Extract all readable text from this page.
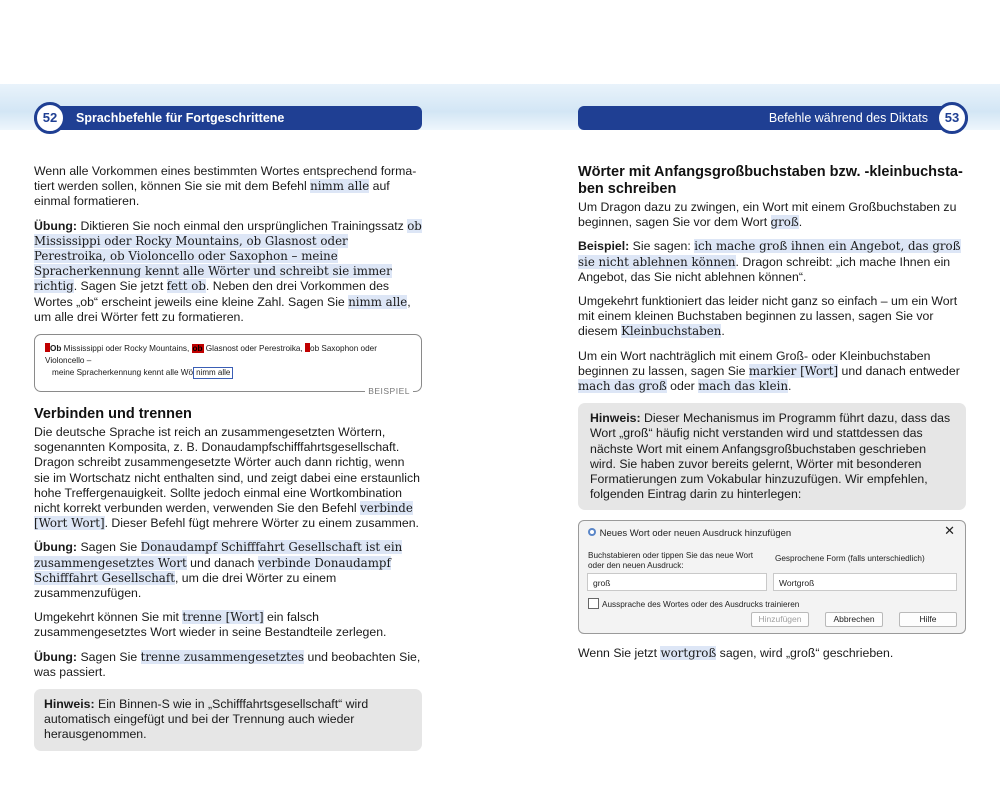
Sprachbefehle für Fortgeschrittene
52

Wenn alle Vorkommen eines bestimmten Wortes entsprechend formatiert werden sollen, können Sie sie mit dem Befehl nimm alle auf einmal formatieren.

Übung: Diktieren Sie noch einmal den ursprünglichen Trainingssatz ob Mississippi oder Rocky Mountains, ob Glasnost oder Perestroika, ob Violoncello oder Saxophon – meine Spracherkennung kennt alle Wörter und schreibt sie immer richtig. Sagen Sie jetzt fett ob. Neben den drei Vorkommen des Wortes „ob“ erscheint jeweils eine kleine Zahl. Sagen Sie nimm alle, um alle drei Wörter fett zu formatieren.

Ob Mississippi oder Rocky Mountains, ob Glasnost oder Perestroika, ob Saxophon oder Violoncello –
meine Spracherkennung kennt alle Wö nimm alle
BEISPIEL
Verbinden und trennen

Die deutsche Sprache ist reich an zusammengesetzten Wörtern, sogenannten Komposita, z. B. Donaudampfschifffahrtsgesellschaft. Dragon schreibt zusammengesetzte Wörter auch dann richtig, wenn sie im Wortschatz nicht enthalten sind, und zeigt dabei eine erstaunlich hohe Treffergenauigkeit. Sollte jedoch einmal eine Wortkombination nicht korrekt verbunden werden, verwenden Sie den Befehl verbinde [Wort Wort]. Dieser Befehl fügt mehrere Wörter zu einem zusammen.

Übung: Sagen Sie Donaudampf Schifffahrt Gesellschaft ist ein zusammengesetztes Wort und danach verbinde Donaudampf Schifffahrt Gesellschaft, um die drei Wörter zu einem zusammenzufügen.

Umgekehrt können Sie mit trenne [Wort] ein falsch zusammengesetztes Wort wieder in seine Bestandteile zerlegen.

Übung: Sagen Sie trenne zusammengesetztes und beobachten Sie, was passiert.

Hinweis: Ein Binnen-S wie in „Schifffahrtsgesellschaft“ wird automatisch eingefügt und bei der Trennung auch wieder herausgenommen.
Befehle während des Diktats	53
Wörter mit Anfangsgroßbuchstaben bzw. -kleinbuchstaben schreiben

Um Dragon dazu zu zwingen, ein Wort mit einem Großbuchstaben zu beginnen, sagen Sie vor dem Wort groß.

Beispiel: Sie sagen: ich mache groß ihnen ein Angebot, das groß sie nicht ablehnen können. Dragon schreibt: „ich mache Ihnen ein Angebot, das Sie nicht ablehnen können“.

Umgekehrt funktioniert das leider nicht ganz so einfach – um ein Wort mit einem kleinen Buchstaben beginnen zu lassen, sagen Sie vor diesem Kleinbuchstaben.

Um ein Wort nachträglich mit einem Groß- oder Kleinbuchstaben beginnen zu lassen, sagen Sie markier [Wort] und danach entweder mach das groß oder mach das klein.

Hinweis: Dieser Mechanismus im Programm führt dazu, dass das Wort „groß“ häufig nicht verstanden wird und stattdessen das nächste Wort mit einem Anfangsgroßbuchstaben geschrieben wird. Sie haben zuvor bereits gelernt, Wörter mit besonderen Formatierungen zum Vokabular hinzuzufügen. Wir empfehlen, folgenden Eintrag darin zu hinterlegen:
Neues Wort oder neuen Ausdruck hinzufügen	✕
Buchstabieren oder tippen Sie das neue Wort oder den neuen Ausdruck:
Gesprochene Form (falls unterschiedlich)
groß	Wortgroß
Aussprache des Wortes oder des Ausdrucks trainieren
Hinzufügen	Abbrechen	Hilfe

Wenn Sie jetzt wortgroß sagen, wird „groß“ geschrieben.
